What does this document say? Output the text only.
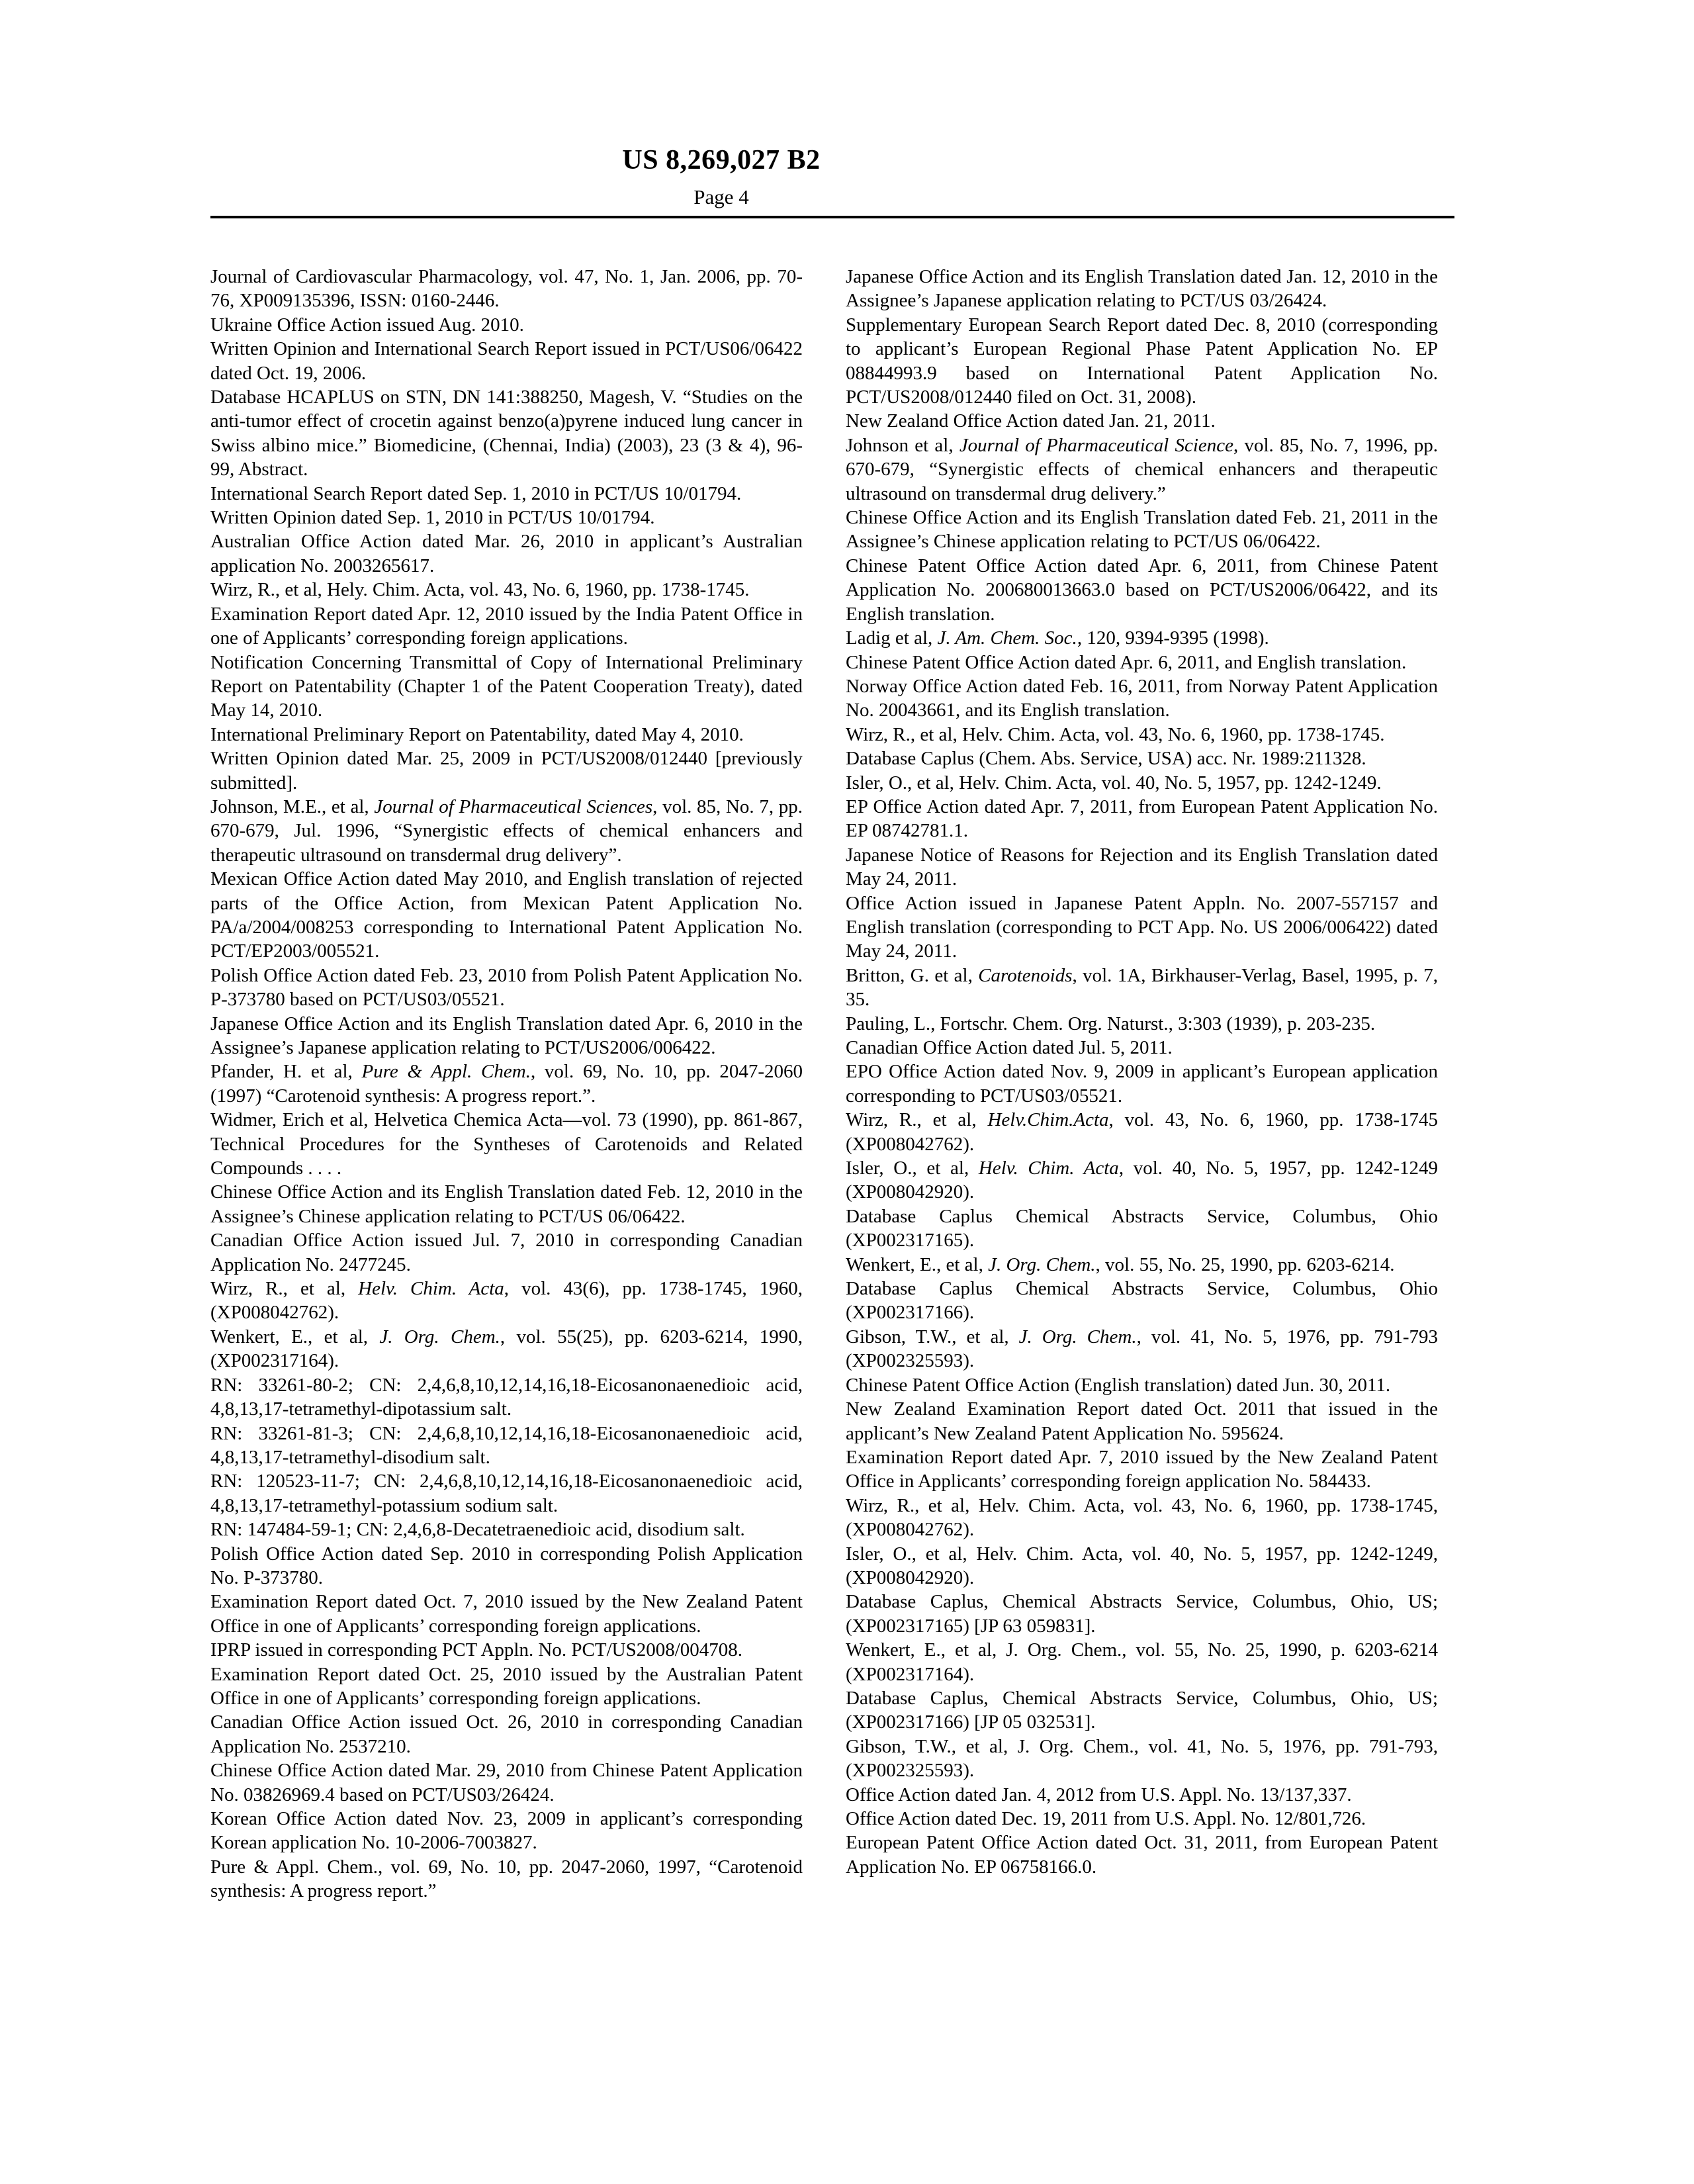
US 8,269,027 B2
Page 4

Journal of Cardiovascular Pharmacology, vol. 47, No. 1, Jan. 2006, pp. 70-76, XP009135396, ISSN: 0160-2446.

Ukraine Office Action issued Aug. 2010.

Written Opinion and International Search Report issued in PCT/US06/06422 dated Oct. 19, 2006.

Database HCAPLUS on STN, DN 141:388250, Magesh, V. “Studies on the anti-tumor effect of crocetin against benzo(a)pyrene induced lung cancer in Swiss albino mice.” Biomedicine, (Chennai, India) (2003), 23 (3 & 4), 96-99, Abstract.

International Search Report dated Sep. 1, 2010 in PCT/US 10/01794.

Written Opinion dated Sep. 1, 2010 in PCT/US 10/01794.

Australian Office Action dated Mar. 26, 2010 in applicant’s Australian application No. 2003265617.

Wirz, R., et al, Hely. Chim. Acta, vol. 43, No. 6, 1960, pp. 1738-1745.

Examination Report dated Apr. 12, 2010 issued by the India Patent Office in one of Applicants’ corresponding foreign applications.

Notification Concerning Transmittal of Copy of International Preliminary Report on Patentability (Chapter 1 of the Patent Cooperation Treaty), dated May 14, 2010.

International Preliminary Report on Patentability, dated May 4, 2010.

Written Opinion dated Mar. 25, 2009 in PCT/US2008/012440 [previously submitted].

Johnson, M.E., et al, Journal of Pharmaceutical Sciences, vol. 85, No. 7, pp. 670-679, Jul. 1996, “Synergistic effects of chemical enhancers and therapeutic ultrasound on transdermal drug delivery”.

Mexican Office Action dated May 2010, and English translation of rejected parts of the Office Action, from Mexican Patent Application No. PA/a/2004/008253 corresponding to International Patent Application No. PCT/EP2003/005521.

Polish Office Action dated Feb. 23, 2010 from Polish Patent Application No. P-373780 based on PCT/US03/05521.

Japanese Office Action and its English Translation dated Apr. 6, 2010 in the Assignee’s Japanese application relating to PCT/US2006/006422.

Pfander, H. et al, Pure & Appl. Chem., vol. 69, No. 10, pp. 2047-2060 (1997) “Carotenoid synthesis: A progress report.”.

Widmer, Erich et al, Helvetica Chemica Acta—vol. 73 (1990), pp. 861-867, Technical Procedures for the Syntheses of Carotenoids and Related Compounds . . . .

Chinese Office Action and its English Translation dated Feb. 12, 2010 in the Assignee’s Chinese application relating to PCT/US 06/06422.

Canadian Office Action issued Jul. 7, 2010 in corresponding Canadian Application No. 2477245.

Wirz, R., et al, Helv. Chim. Acta, vol. 43(6), pp. 1738-1745, 1960, (XP008042762).

Wenkert, E., et al, J. Org. Chem., vol. 55(25), pp. 6203-6214, 1990, (XP002317164).

RN: 33261-80-2; CN: 2,4,6,8,10,12,14,16,18-Eicosanonaenedioic acid, 4,8,13,17-tetramethyl-dipotassium salt.

RN: 33261-81-3; CN: 2,4,6,8,10,12,14,16,18-Eicosanonaenedioic acid, 4,8,13,17-tetramethyl-disodium salt.

RN: 120523-11-7; CN: 2,4,6,8,10,12,14,16,18-Eicosanonaenedioic acid, 4,8,13,17-tetramethyl-potassium sodium salt.

RN: 147484-59-1; CN: 2,4,6,8-Decatetraenedioic acid, disodium salt.

Polish Office Action dated Sep. 2010 in corresponding Polish Application No. P-373780.

Examination Report dated Oct. 7, 2010 issued by the New Zealand Patent Office in one of Applicants’ corresponding foreign applications.

IPRP issued in corresponding PCT Appln. No. PCT/US2008/004708.

Examination Report dated Oct. 25, 2010 issued by the Australian Patent Office in one of Applicants’ corresponding foreign applications.

Canadian Office Action issued Oct. 26, 2010 in corresponding Canadian Application No. 2537210.

Chinese Office Action dated Mar. 29, 2010 from Chinese Patent Application No. 03826969.4 based on PCT/US03/26424.

Korean Office Action dated Nov. 23, 2009 in applicant’s corresponding Korean application No. 10-2006-7003827.

Pure & Appl. Chem., vol. 69, No. 10, pp. 2047-2060, 1997, “Carotenoid synthesis: A progress report.”

Japanese Office Action and its English Translation dated Jan. 12, 2010 in the Assignee’s Japanese application relating to PCT/US 03/26424.

Supplementary European Search Report dated Dec. 8, 2010 (corresponding to applicant’s European Regional Phase Patent Application No. EP 08844993.9 based on International Patent Application No. PCT/US2008/012440 filed on Oct. 31, 2008).

New Zealand Office Action dated Jan. 21, 2011.

Johnson et al, Journal of Pharmaceutical Science, vol. 85, No. 7, 1996, pp. 670-679, “Synergistic effects of chemical enhancers and therapeutic ultrasound on transdermal drug delivery.”

Chinese Office Action and its English Translation dated Feb. 21, 2011 in the Assignee’s Chinese application relating to PCT/US 06/06422.

Chinese Patent Office Action dated Apr. 6, 2011, from Chinese Patent Application No. 200680013663.0 based on PCT/US2006/06422, and its English translation.

Ladig et al, J. Am. Chem. Soc., 120, 9394-9395 (1998).

Chinese Patent Office Action dated Apr. 6, 2011, and English translation.

Norway Office Action dated Feb. 16, 2011, from Norway Patent Application No. 20043661, and its English translation.

Wirz, R., et al, Helv. Chim. Acta, vol. 43, No. 6, 1960, pp. 1738-1745.

Database Caplus (Chem. Abs. Service, USA) acc. Nr. 1989:211328.

Isler, O., et al, Helv. Chim. Acta, vol. 40, No. 5, 1957, pp. 1242-1249.

EP Office Action dated Apr. 7, 2011, from European Patent Application No. EP 08742781.1.

Japanese Notice of Reasons for Rejection and its English Translation dated May 24, 2011.

Office Action issued in Japanese Patent Appln. No. 2007-557157 and English translation (corresponding to PCT App. No. US 2006/006422) dated May 24, 2011.

Britton, G. et al, Carotenoids, vol. 1A, Birkhauser-Verlag, Basel, 1995, p. 7, 35.

Pauling, L., Fortschr. Chem. Org. Naturst., 3:303 (1939), p. 203-235.

Canadian Office Action dated Jul. 5, 2011.

EPO Office Action dated Nov. 9, 2009 in applicant’s European application corresponding to PCT/US03/05521.

Wirz, R., et al, Helv.Chim.Acta, vol. 43, No. 6, 1960, pp. 1738-1745 (XP008042762).

Isler, O., et al, Helv. Chim. Acta, vol. 40, No. 5, 1957, pp. 1242-1249 (XP008042920).

Database Caplus Chemical Abstracts Service, Columbus, Ohio (XP002317165).

Wenkert, E., et al, J. Org. Chem., vol. 55, No. 25, 1990, pp. 6203-6214.

Database Caplus Chemical Abstracts Service, Columbus, Ohio (XP002317166).

Gibson, T.W., et al, J. Org. Chem., vol. 41, No. 5, 1976, pp. 791-793 (XP002325593).

Chinese Patent Office Action (English translation) dated Jun. 30, 2011.

New Zealand Examination Report dated Oct. 2011 that issued in the applicant’s New Zealand Patent Application No. 595624.

Examination Report dated Apr. 7, 2010 issued by the New Zealand Patent Office in Applicants’ corresponding foreign application No. 584433.

Wirz, R., et al, Helv. Chim. Acta, vol. 43, No. 6, 1960, pp. 1738-1745, (XP008042762).

Isler, O., et al, Helv. Chim. Acta, vol. 40, No. 5, 1957, pp. 1242-1249, (XP008042920).

Database Caplus, Chemical Abstracts Service, Columbus, Ohio, US; (XP002317165) [JP 63 059831].

Wenkert, E., et al, J. Org. Chem., vol. 55, No. 25, 1990, p. 6203-6214 (XP002317164).

Database Caplus, Chemical Abstracts Service, Columbus, Ohio, US; (XP002317166) [JP 05 032531].

Gibson, T.W., et al, J. Org. Chem., vol. 41, No. 5, 1976, pp. 791-793, (XP002325593).

Office Action dated Jan. 4, 2012 from U.S. Appl. No. 13/137,337.

Office Action dated Dec. 19, 2011 from U.S. Appl. No. 12/801,726.

European Patent Office Action dated Oct. 31, 2011, from European Patent Application No. EP 06758166.0.
